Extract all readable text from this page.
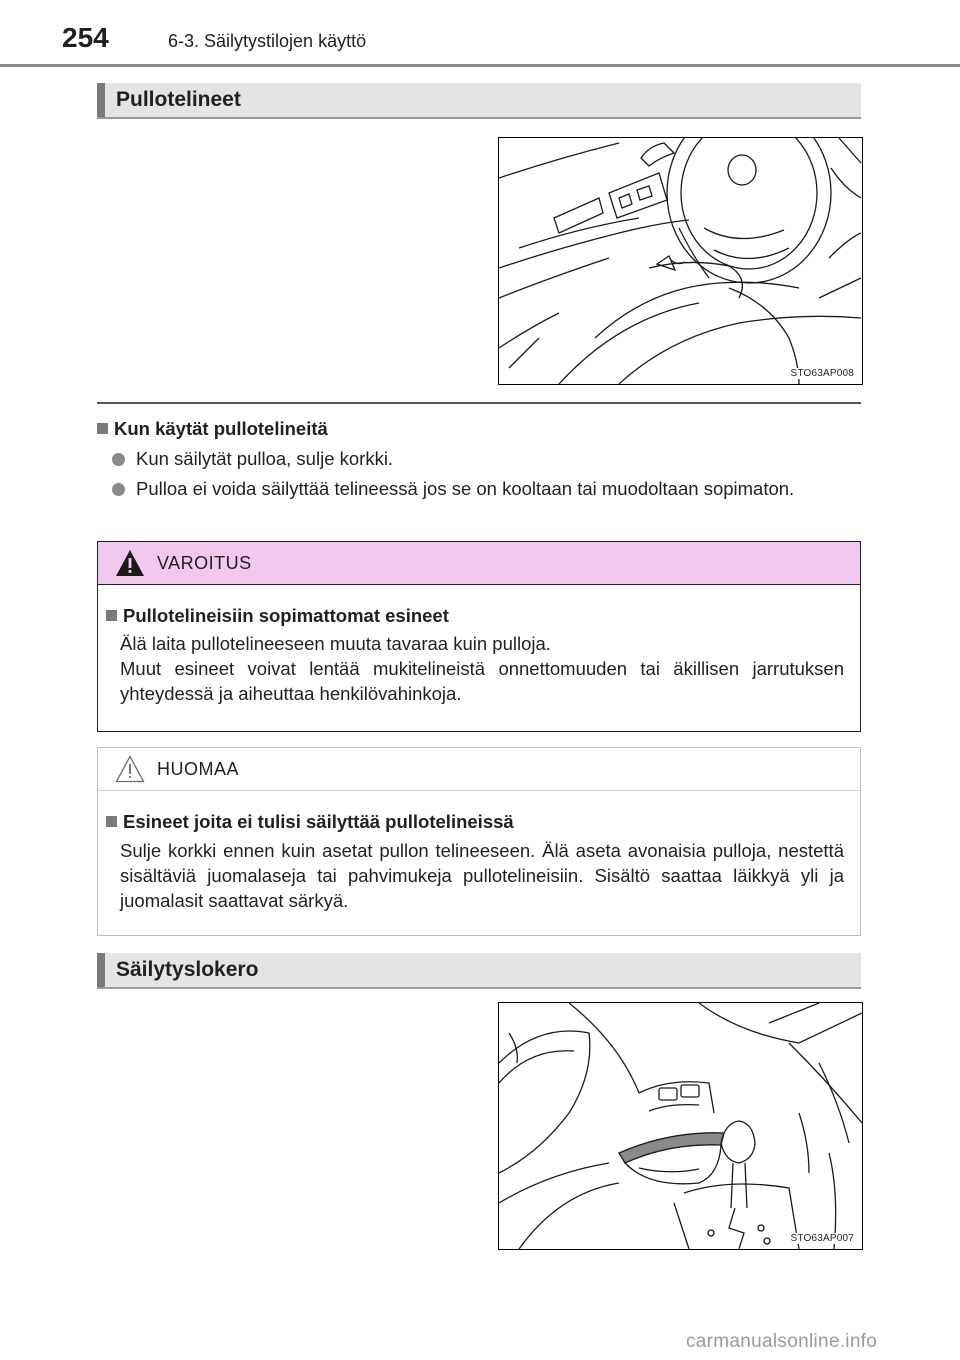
254	6-3. Säilytystilojen käyttö
Pullotelineet
STO63AP008
Kun käytät pullotelineitä
Kun säilytät pulloa, sulje korkki.
Pulloa ei voida säilyttää telineessä jos se on kooltaan tai muodoltaan sopimaton.
VAROITUS
Pullotelineisiin sopimattomat esineet

Älä laita pullotelineeseen muuta tavaraa kuin pulloja.

Muut esineet voivat lentää mukitelineistä onnettomuuden tai äkillisen jarrutuksen yhteydessä ja aiheuttaa henkilövahinkoja.

HUOMAA
Esineet joita ei tulisi säilyttää pullotelineissä

Sulje korkki ennen kuin asetat pullon telineeseen. Älä aseta avonaisia pulloja, nestettä sisältäviä juomalaseja tai pahvimukeja pullotelineisiin. Sisältö saattaa läikkyä yli ja juomalasit saattavat särkyä.

Säilytyslokero
STO63AP007
carmanualsonline.info
